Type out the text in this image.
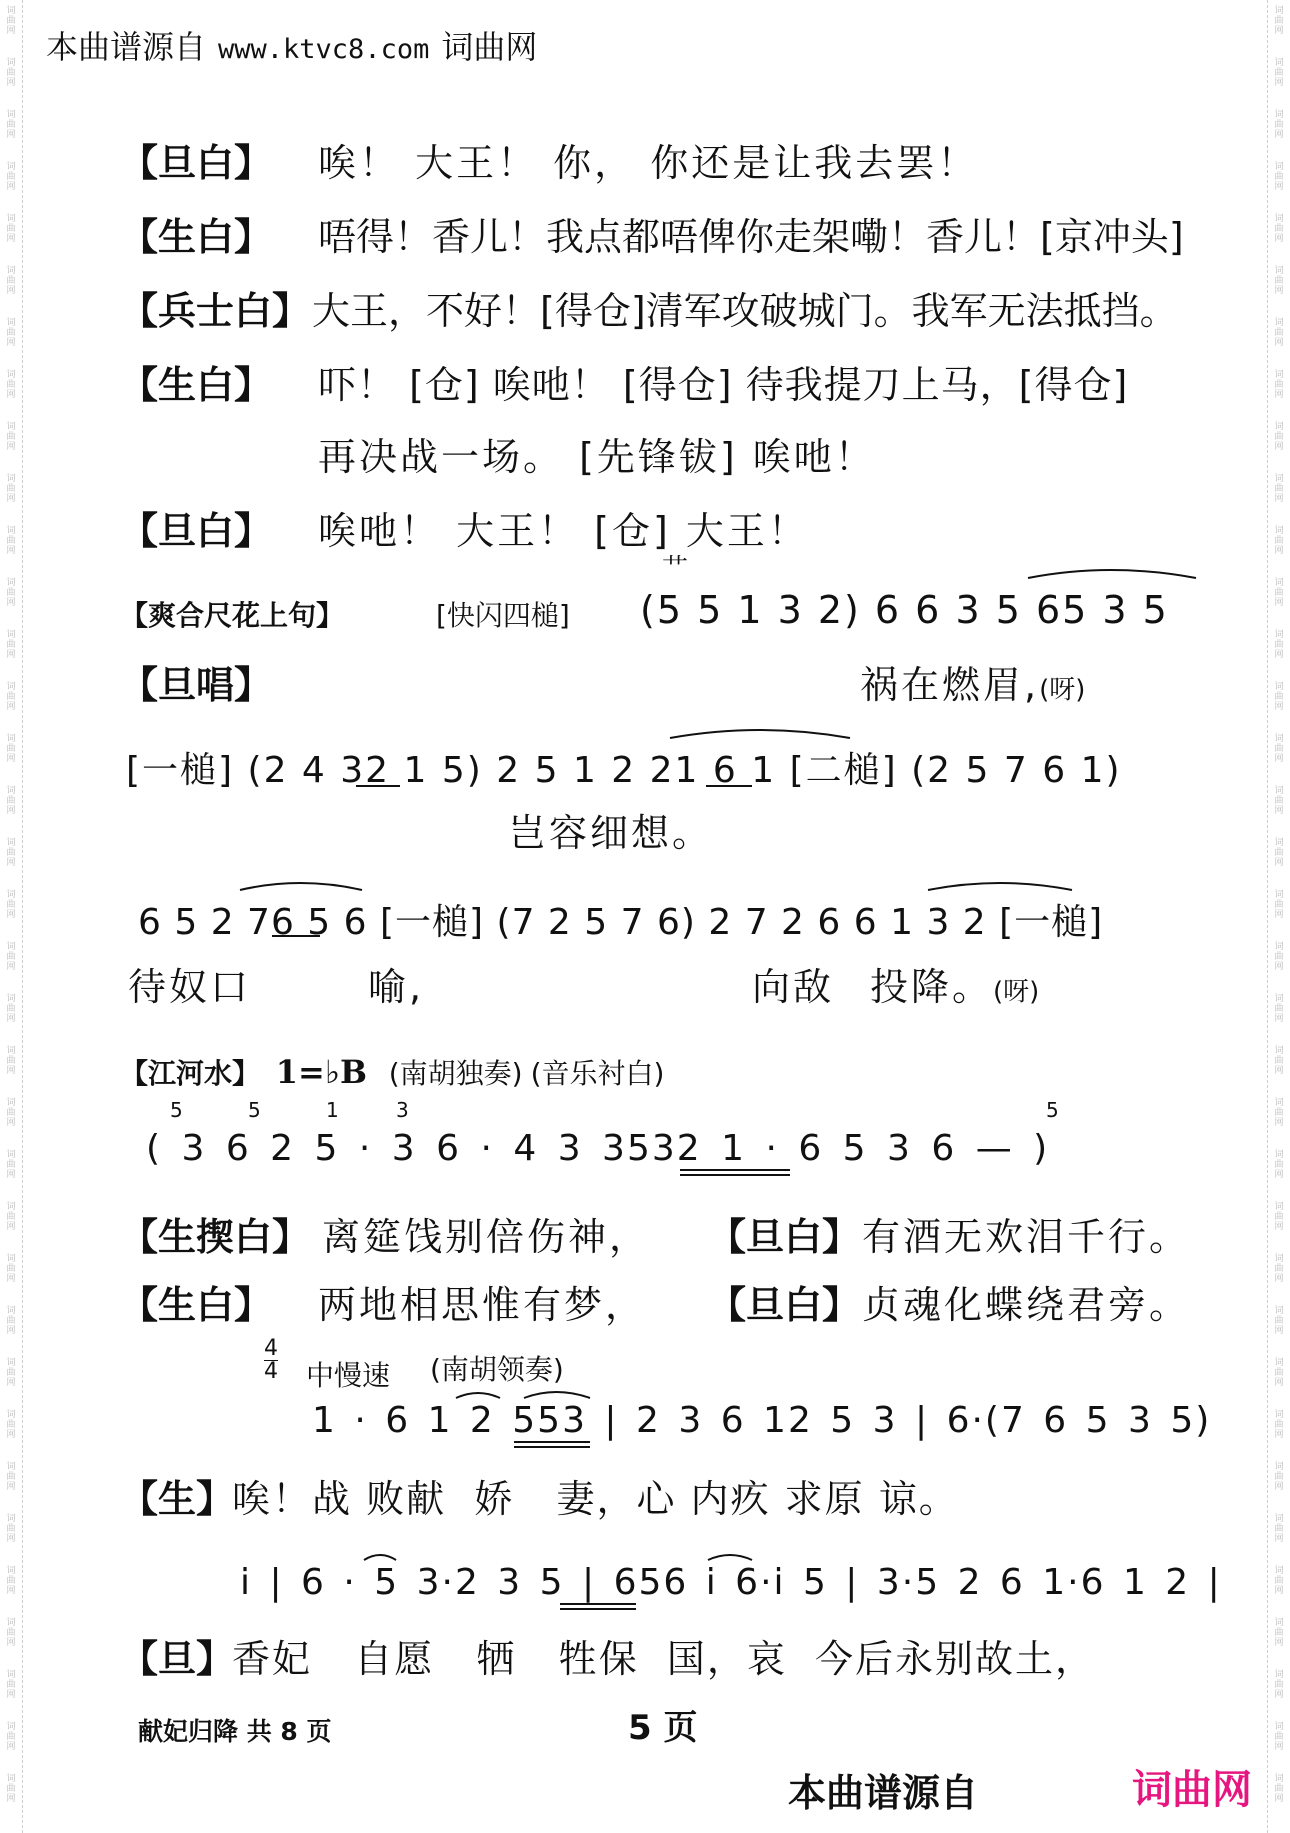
词
曲
网
词
曲
网
词
曲
网
词
曲
网
词
曲
网
词
曲
网
词
曲
网
词
曲
网
词
曲
网
词
曲
网
词
曲
网
词
曲
网
词
曲
网
词
曲
网
词
曲
网
词
曲
网
词
曲
网
词
曲
网
词
曲
网
词
曲
网
词
曲
网
词
曲
网
词
曲
网
词
曲
网
词
曲
网
词
曲
网
词
曲
网
词
曲
网
词
曲
网
词
曲
网
词
曲
网
词
曲
网
词
曲
网
词
曲
网
词
曲
网
词
曲
网
词
曲
网
词
曲
网
词
曲
网
词
曲
网
词
曲
网
词
曲
网
词
曲
网
词
曲
网
词
曲
网
词
曲
网
词
曲
网
词
曲
网
词
曲
网
词
曲
网
词
曲
网
词
曲
网
词
曲
网
词
曲
网
词
曲
网
词
曲
网
词
曲
网
词
曲
网
词
曲
网
词
曲
网
词
曲
网
词
曲
网
词
曲
网
词
曲
网
词
曲
网
词
曲
网
词
曲
网
词
曲
网
词
曲
网
词
曲
网
本曲谱源自 www.ktvc8.com 词曲网
【旦白】 唉！ 大王！ 你， 你还是让我去罢！
【生白】 唔得！香儿！我点都唔俾你走架嘞！香儿！[京冲头]
【兵士白】 大王，不好！[得仓]清军攻破城门。我军无法抵挡。
【生白】 吓！ [仓] 唉吔！ [得仓] 待我提刀上马，[得仓]
再决战一场。 [先锋钹] 唉吔！
【旦白】 唉吔！ 大王！ [仓] 大王！
艹
【爽合尺花上句】	[快闪四槌] (5 5 1 3 2) 6 6 3 5 65 3 5
【旦唱】	祸在燃眉,(呀)
[一槌] (2 4 32 1 5) 2 5 1 2 21 6 1 [二槌] (2 5 7 6 1)
岂容细想。
6 5 2 76 5 6 [一槌] (7 2 5 7 6) 2 7 2 6 6 1 3 2 [一槌]
待奴口	喻,	向敌 投降。(呀)
【江河水】 1=♭B (南胡独奏) (音乐衬白)
5	5	1	3	5
( 3 6 2 5 · 3 6 · 4 3 3532 1 · 6 5 3 6 — )
【生揳白】 离筵饯别倍伤神， 【旦白】 有酒无欢泪千行。
【生白】 两地相思惟有梦， 【旦白】 贞魂化蝶绕君旁。
4
4 中慢速 (南胡领奏)
1 · 6 1 2 553 | 2 3 6 12 5 3 | 6·(7 6 5 3 5)
【生】
唉！战 败献  娇   妻，心 内疚 求原 谅。
i | 6 · 5 3·2 3 5 | 656 i 6·i 5 | 3·5 2 6 1·6 1 2 |
【旦】
香妃   自愿   牺   牲保  国，哀  今后永别故土，
献妃归降 共 8 页	5 页
本曲谱源自	词曲网
